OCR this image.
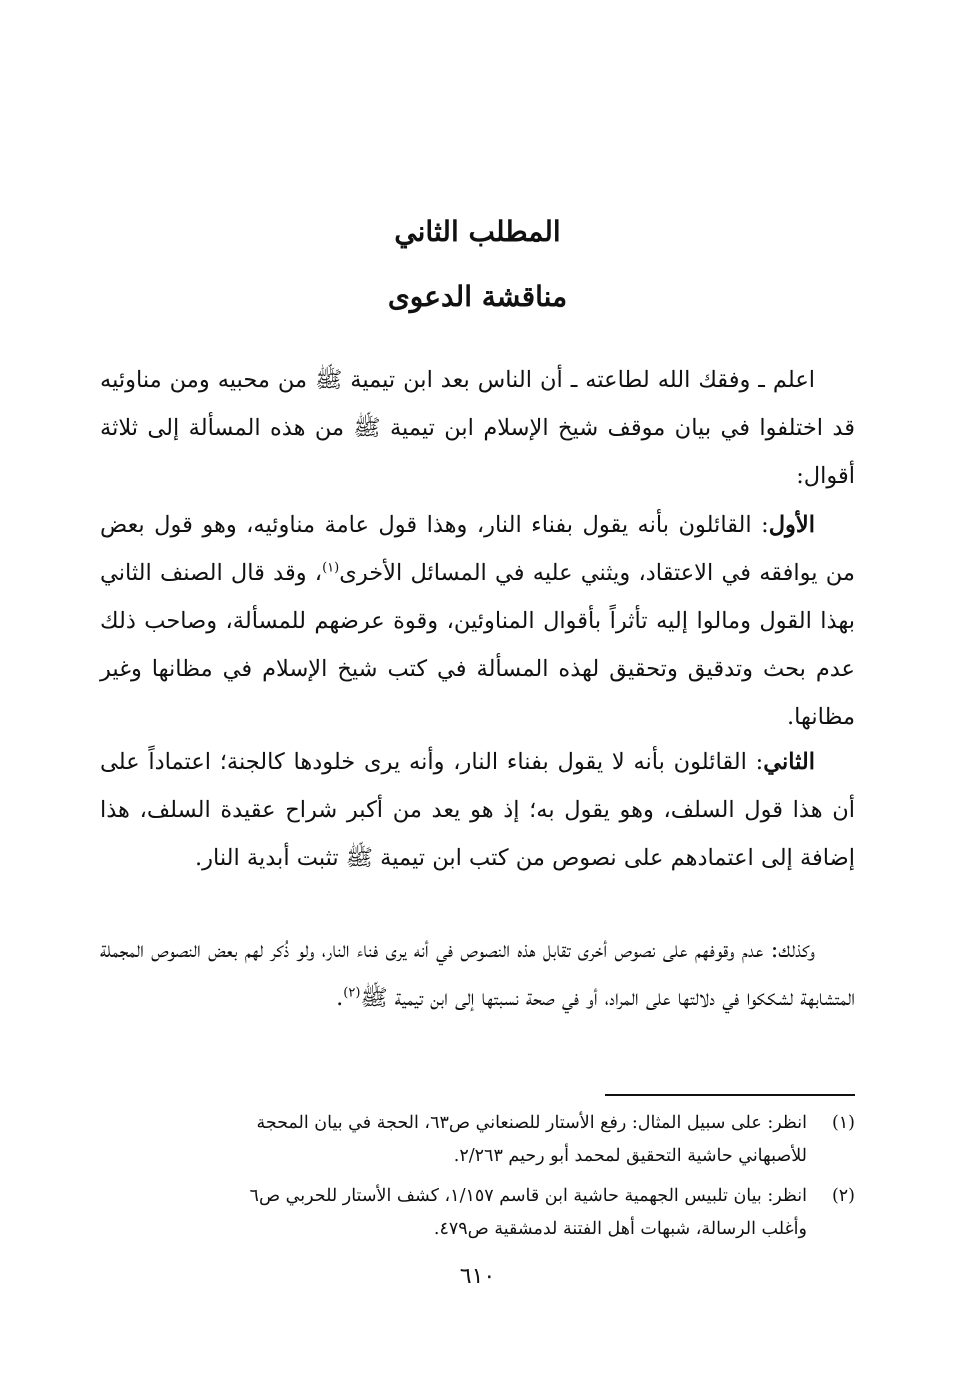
المطلب الثاني
مناقشة الدعوى

اعلم ـ وفقك الله لطاعته ـ أن الناس بعد ابن تيمية ﷺ من محبيه ومن مناوئيه قد اختلفوا في بيان موقف شيخ الإسلام ابن تيمية ﷺ من هذه المسألة إلى ثلاثة أقوال:

الأول: القائلون بأنه يقول بفناء النار، وهذا قول عامة مناوئيه، وهو قول بعض من يوافقه في الاعتقاد، ويثني عليه في المسائل الأخرى$^{(١)}$، وقد قال الصنف الثاني بهذا القول ومالوا إليه تأثراً بأقوال المناوئين، وقوة عرضهم للمسألة، وصاحب ذلك عدم بحث وتدقيق وتحقيق لهذه المسألة في كتب شيخ الإسلام في مظانها وغير مظانها.

الثاني: القائلون بأنه لا يقول بفناء النار، وأنه يرى خلودها كالجنة؛ اعتماداً على أن هذا قول السلف، وهو يقول به؛ إذ هو يعد من أكبر شراح عقيدة السلف، هذا إضافة إلى اعتمادهم على نصوص من كتب ابن تيمية ﷺ تثبت أبدية النار.

وكذلك: عدم وقوفهم على نصوص أخرى تقابل هذه النصوص في أنه يرى فناء النار، ولو ذُكر لهم بعض النصوص المجملة المتشابهة لشككوا في دلالتها على المراد، أو في صحة نسبتها إلى ابن تيمية ﷺ$^{(٢)}$.

(١)انظر: على سبيل المثال: رفع الأستار للصنعاني ص٦٣، الحجة في بيان المحجة
للأصبهاني حاشية التحقيق لمحمد أبو رحيم ٢/٢٦٣.
(٢)انظر: بيان تلبيس الجهمية حاشية ابن قاسم ١/١٥٧، كشف الأستار للحربي ص٦
وأغلب الرسالة، شبهات أهل الفتنة لدمشقية ص٤٧٩.
٦١٠
